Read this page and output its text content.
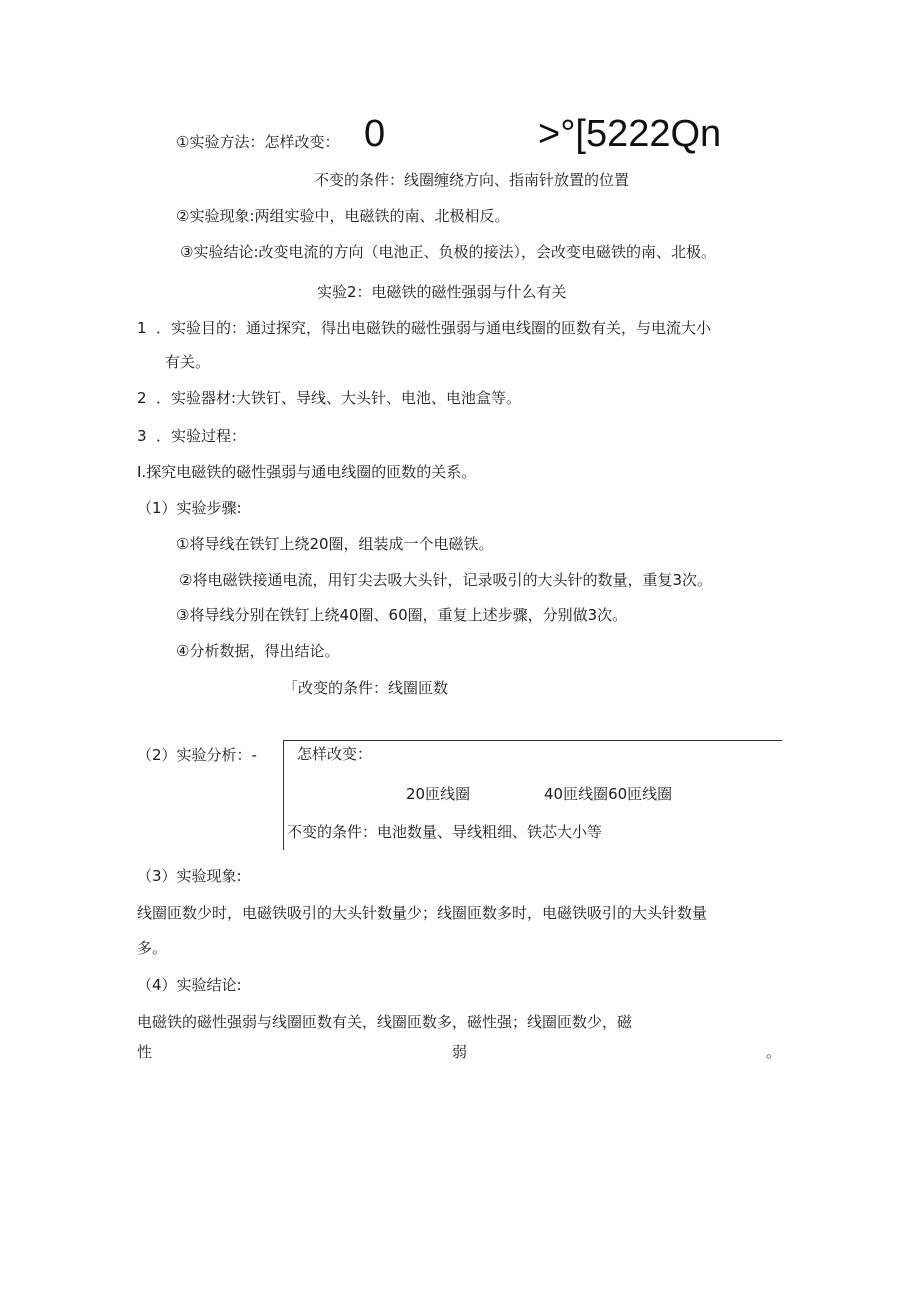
①实验方法：怎样改变： 0	>°[5222Qn
不变的条件：线圈缠绕方向、指南针放置的位置
②实验现象:两组实验中，电磁铁的南、北极相反。
③实验结论:改变电流的方向（电池正、负极的接法），会改变电磁铁的南、北极。
实验2：电磁铁的磁性强弱与什么有关
1 ．实验目的：通过探究，得出电磁铁的磁性强弱与通电线圈的匝数有关，与电流大小
有关。
2 ．实验器材:大铁钉、导线、大头针、电池、电池盒等。
3 ．实验过程：
I.探究电磁铁的磁性强弱与通电线圈的匝数的关系。
（1）实验步骤:
①将导线在铁钉上绕20圈，组装成一个电磁铁。
②将电磁铁接通电流，用钉尖去吸大头针，记录吸引的大头针的数量，重复3次。
③将导线分别在铁钉上绕40圈、60圈，重复上述步骤，分别做3次。
④分析数据，得出结论。
「改变的条件：线圈匝数
（2）实验分析：-	怎样改变：
20匝线圈	40匝线圈60匝线圈
不变的条件：电池数量、导线粗细、铁芯大小等
（3）实验现象:
线圈匝数少时，电磁铁吸引的大头针数量少；线圈匝数多时，电磁铁吸引的大头针数量
多。
（4）实验结论:
电磁铁的磁性强弱与线圈匝数有关，线圈匝数多，磁性强；线圈匝数少，磁
性	弱	。
